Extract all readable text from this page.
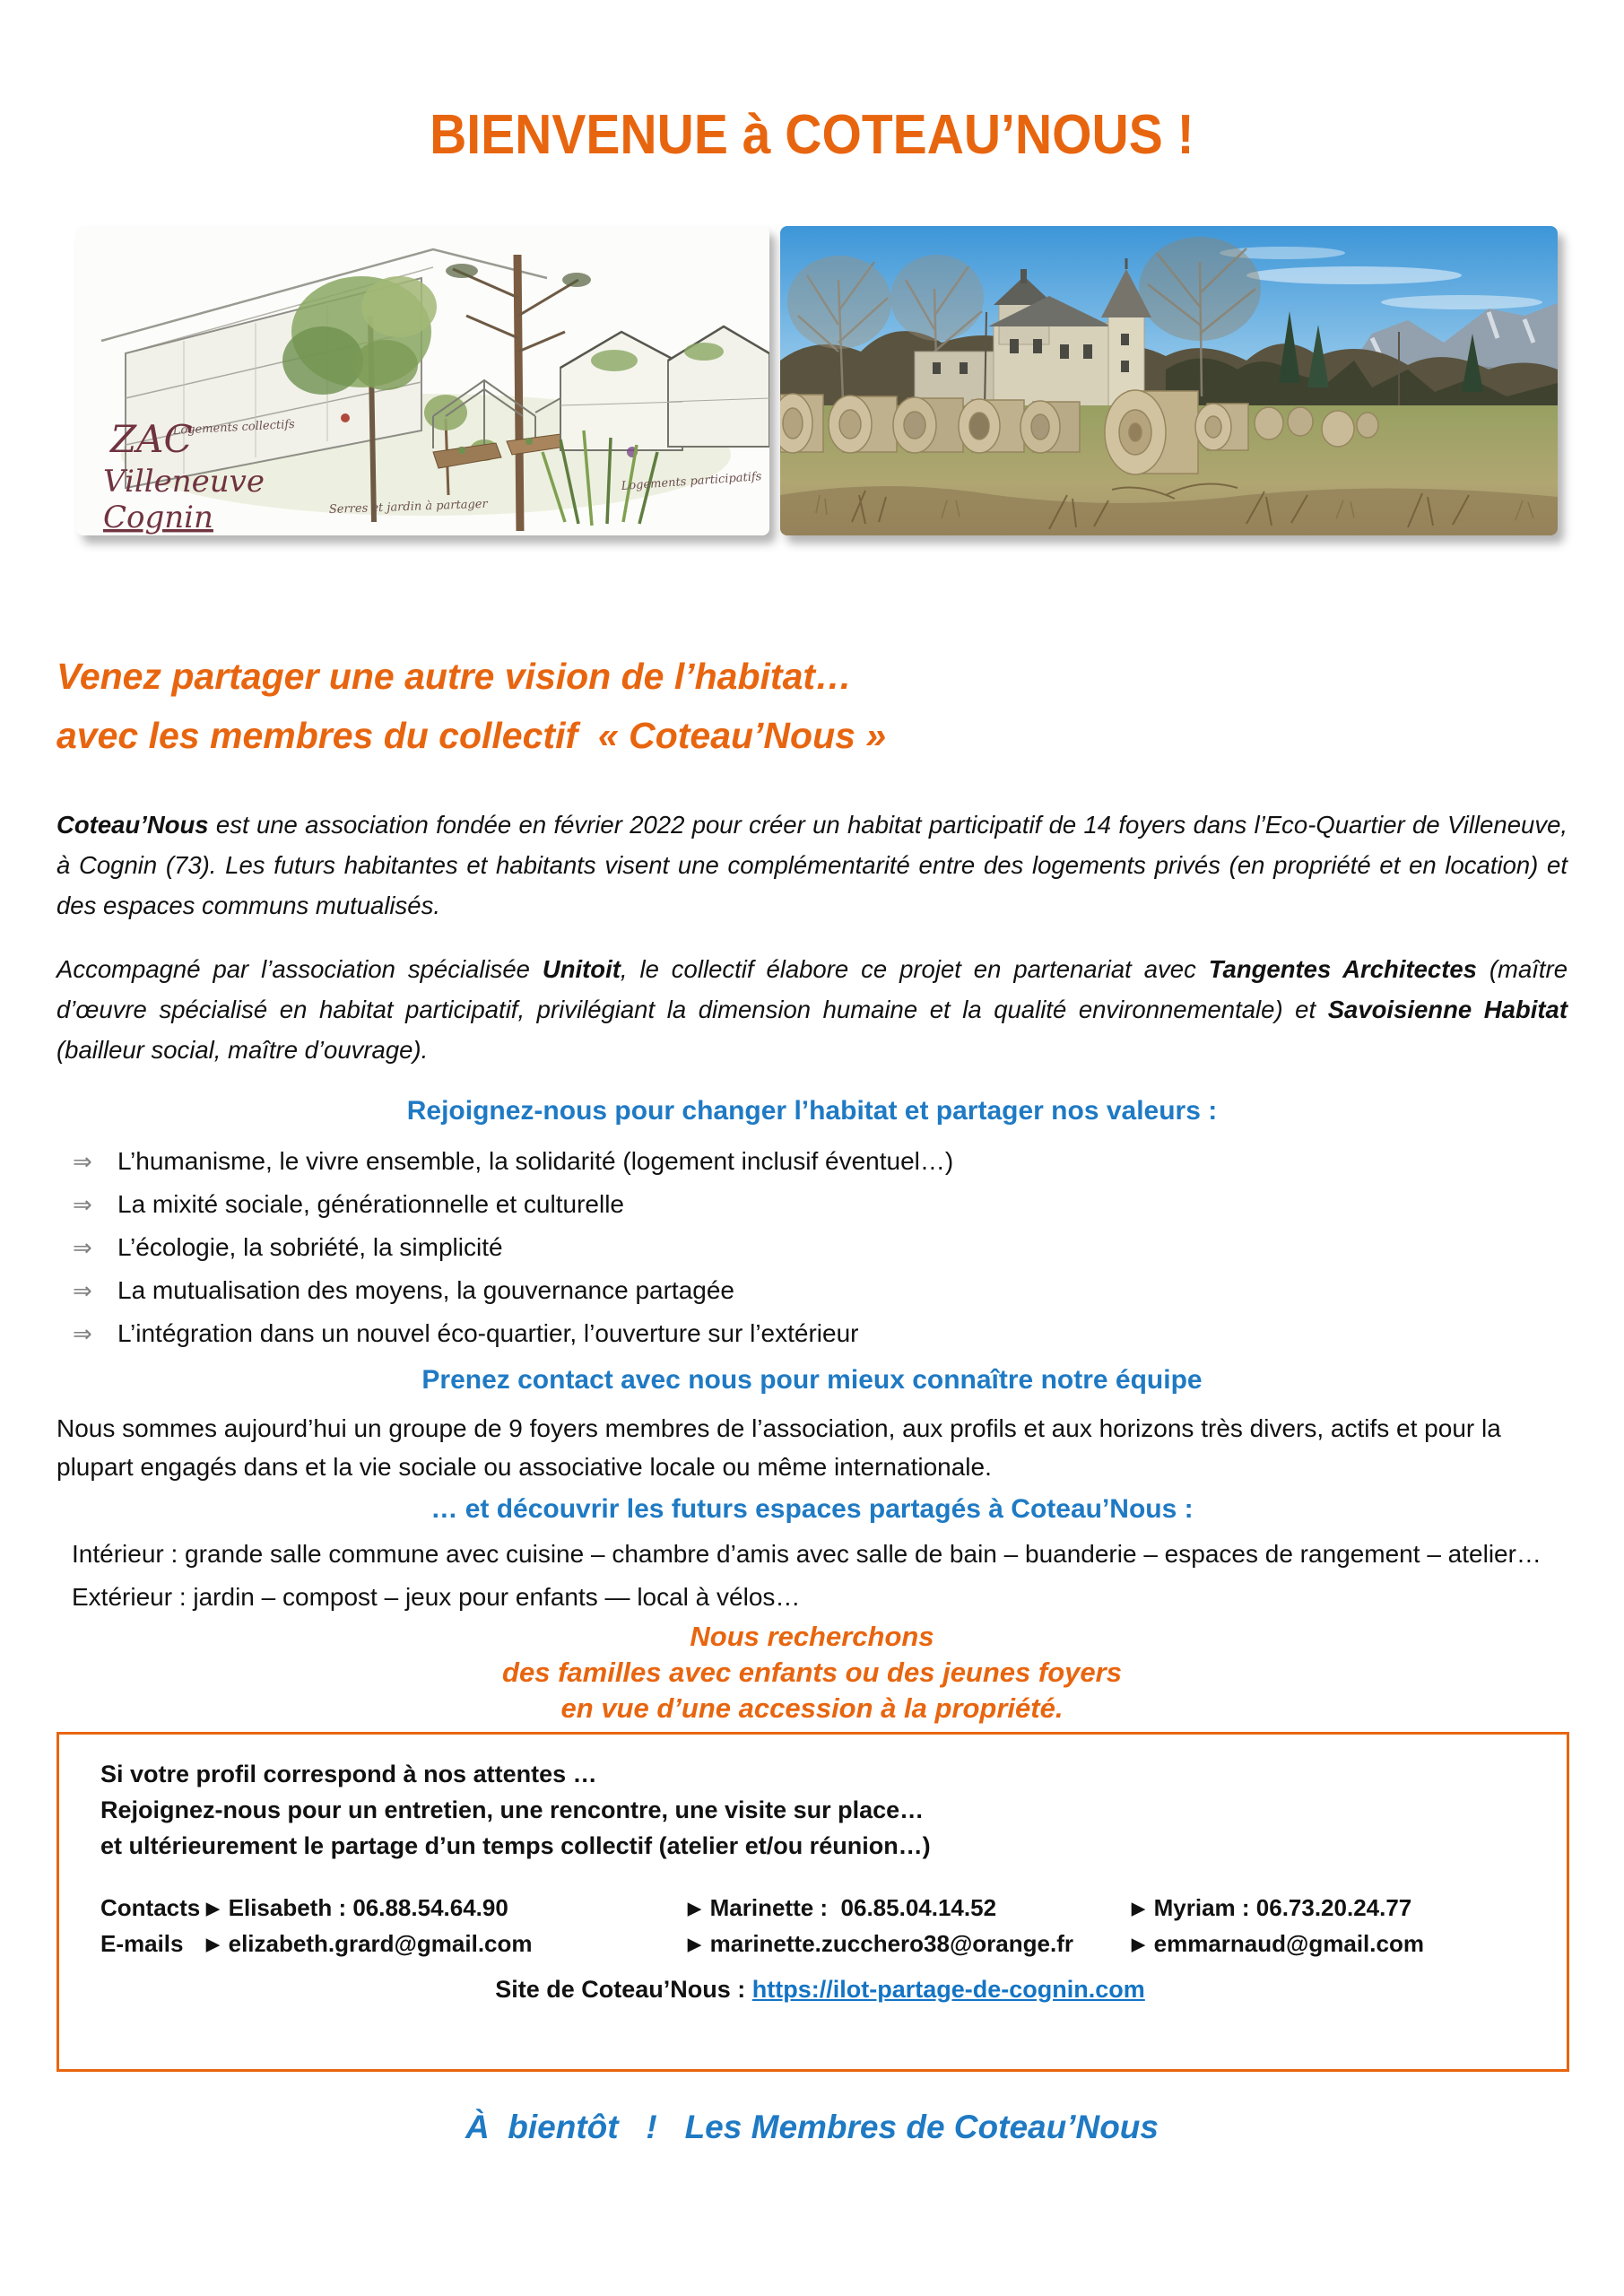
BIENVENUE à COTEAU’NOUS !
Logements collectifs
Serres et jardin à partager
Logements participatifs
ZAC
Villeneuve
Cognin
Venez partager une autre vision de l’habitat…
avec les membres du collectif  « Coteau’Nous »

Coteau’Nous est une association fondée en février 2022 pour créer un habitat participatif de 14 foyers dans l’Eco-Quartier de Villeneuve, à Cognin (73). Les futurs habitantes et habitants visent une complémentarité entre des logements privés (en propriété et en location) et des espaces communs mutualisés.

Accompagné par l’association spécialisée Unitoit, le collectif élabore ce projet en partenariat avec Tangentes Architectes (maître d’œuvre spécialisé en habitat participatif, privilégiant la dimension humaine et la qualité environnementale) et Savoisienne Habitat (bailleur social, maître d’ouvrage).

Rejoignez-nous pour changer l’habitat et partager nos valeurs :
⇒ L’humanisme, le vivre ensemble, la solidarité (logement inclusif éventuel…)
⇒ La mixité sociale, générationnelle et culturelle
⇒ L’écologie, la sobriété, la simplicité
⇒ La mutualisation des moyens, la gouvernance partagée
⇒ L’intégration dans un nouvel éco-quartier, l’ouverture sur l’extérieur
Prenez contact avec nous pour mieux connaître notre équipe

Nous sommes aujourd’hui un groupe de 9 foyers membres de l’association, aux profils et aux horizons très divers, actifs et pour la plupart engagés dans et la vie sociale ou associative locale ou même internationale.

… et découvrir les futurs espaces partagés à Coteau’Nous :
Intérieur : grande salle commune avec cuisine – chambre d’amis avec salle de bain – buanderie – espaces de rangement – atelier…
Extérieur : jardin – compost – jeux pour enfants — local à vélos…
Nous recherchons
des familles avec enfants ou des jeunes foyers
en vue d’une accession à la propriété.
Si votre profil correspond à nos attentes …
Rejoignez-nous pour un entretien, une rencontre, une visite sur place…
et ultérieurement le partage d’un temps collectif (atelier et/ou réunion…)
Contacts ▶ Elisabeth : 06.88.54.64.90	▶ Marinette :  06.85.04.14.52	▶ Myriam : 06.73.20.24.77
E-mails ▶ elizabeth.grard@gmail.com	▶ marinette.zucchero38@orange.fr	▶ emmarnaud@gmail.com
Site de Coteau’Nous : https://ilot-partage-de-cognin.com
À  bientôt   !   Les Membres de Coteau’Nous
